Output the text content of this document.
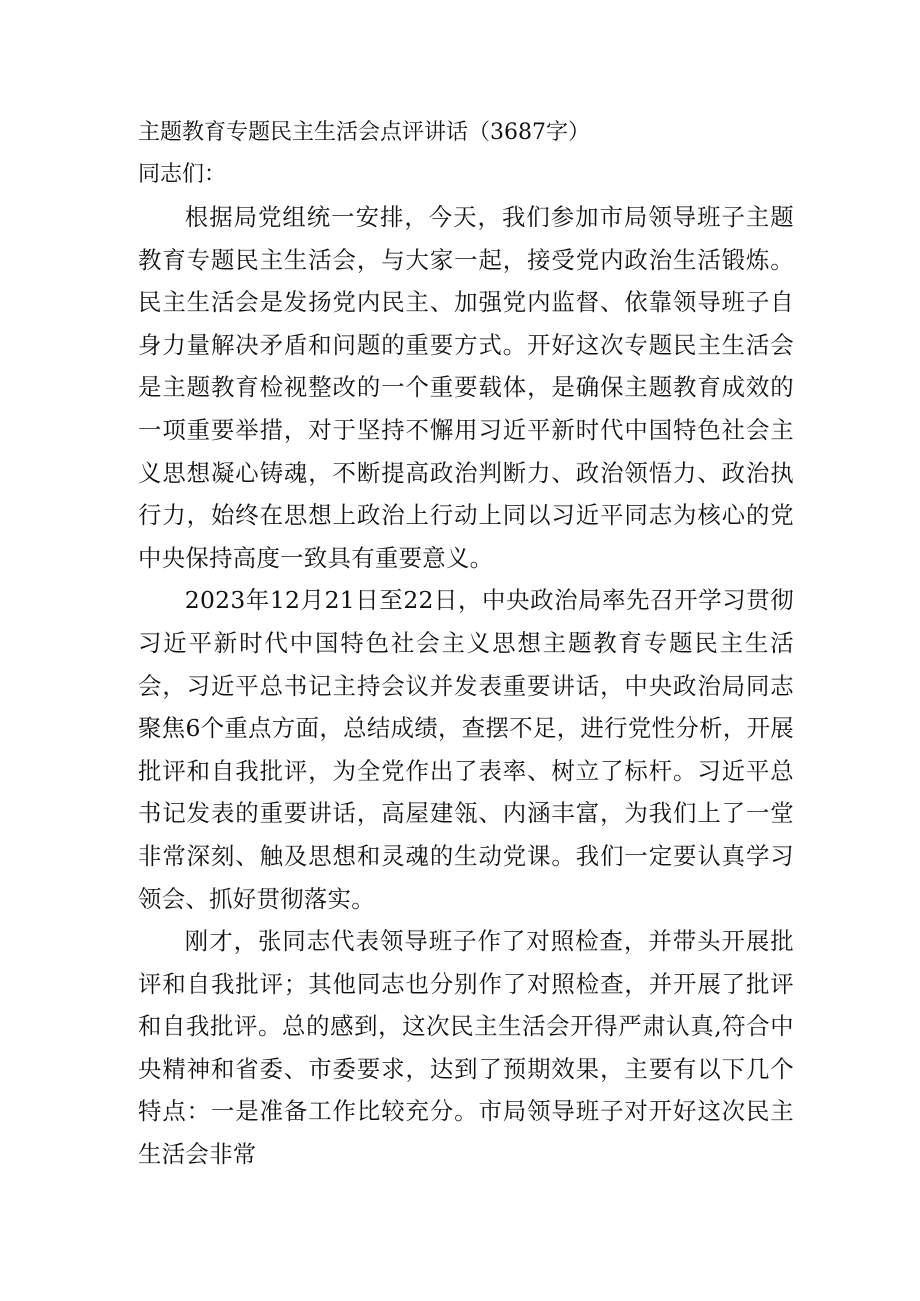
主题教育专题民主生活会点评讲话（3687字）

同志们：

根据局党组统一安排，今天，我们参加市局领导班子主题教育专题民主生活会，与大家一起，接受党内政治生活锻炼。民主生活会是发扬党内民主、加强党内监督、依靠领导班子自身力量解决矛盾和问题的重要方式。开好这次专题民主生活会是主题教育检视整改的一个重要载体，是确保主题教育成效的一项重要举措，对于坚持不懈用习近平新时代中国特色社会主义思想凝心铸魂，不断提高政治判断力、政治领悟力、政治执行力，始终在思想上政治上行动上同以习近平同志为核心的党中央保持高度一致具有重要意义。

2023年12月21日至22日，中央政治局率先召开学习贯彻习近平新时代中国特色社会主义思想主题教育专题民主生活会，习近平总书记主持会议并发表重要讲话，中央政治局同志聚焦6个重点方面，总结成绩，查摆不足，进行党性分析，开展批评和自我批评，为全党作出了表率、树立了标杆。习近平总书记发表的重要讲话，高屋建瓴、内涵丰富，为我们上了一堂非常深刻、触及思想和灵魂的生动党课。我们一定要认真学习领会、抓好贯彻落实。

刚才，张同志代表领导班子作了对照检查，并带头开展批评和自我批评；其他同志也分别作了对照检查，并开展了批评和自我批评。总的感到，这次民主生活会开得严肃认真,符合中央精神和省委、市委要求，达到了预期效果，主要有以下几个特点：一是准备工作比较充分。市局领导班子对开好这次民主生活会非常
